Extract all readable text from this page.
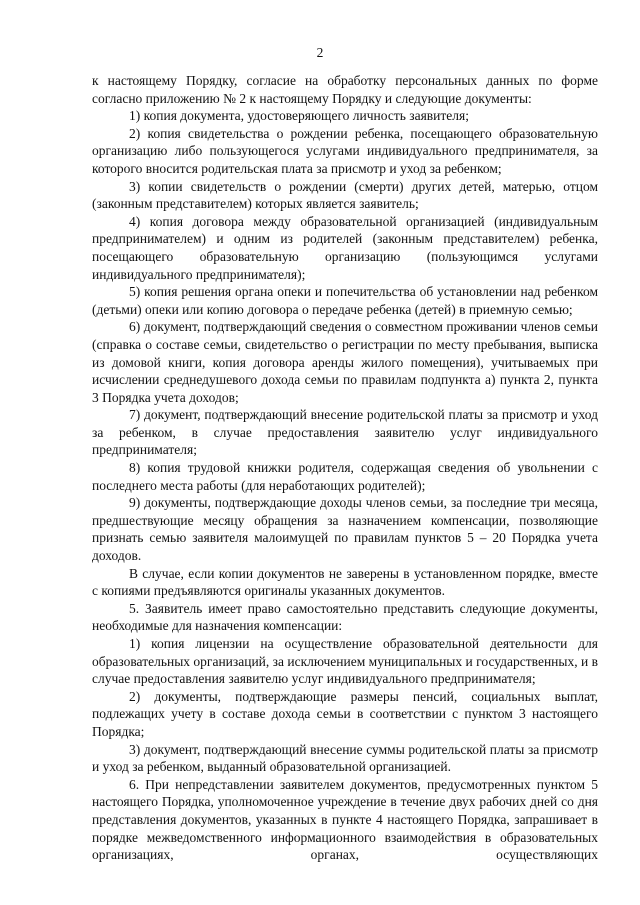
2

к настоящему Порядку, согласие на обработку персональных данных по форме согласно приложению № 2 к настоящему Порядку и следующие документы:

1) копия документа, удостоверяющего личность заявителя;

2) копия свидетельства о рождении ребенка, посещающего образовательную организацию либо пользующегося услугами индивидуального предпринимателя, за которого вносится родительская плата за присмотр и уход за ребенком;

3) копии свидетельств о рождении (смерти) других детей, матерью, отцом (законным представителем) которых является заявитель;

4) копия договора между образовательной организацией (индивидуальным предпринимателем) и одним из родителей (законным представителем) ребенка, посещающего образовательную организацию (пользующимся услугами индивидуального предпринимателя);

5) копия решения органа опеки и попечительства об установлении над ребенком (детьми) опеки или копию договора о передаче ребенка (детей) в приемную семью;

6) документ, подтверждающий сведения о совместном проживании членов семьи (справка о составе семьи, свидетельство о регистрации по месту пребывания, выписка из домовой книги, копия договора аренды жилого помещения), учитываемых при исчислении среднедушевого дохода семьи по правилам подпункта а) пункта 2, пункта 3 Порядка учета доходов;

7) документ, подтверждающий внесение родительской платы за присмотр и уход за ребенком, в случае предоставления заявителю услуг индивидуального предпринимателя;

8) копия трудовой книжки родителя, содержащая сведения об увольнении с последнего места работы (для неработающих родителей);

9) документы, подтверждающие доходы членов семьи, за последние три месяца, предшествующие месяцу обращения за назначением компенсации, позволяющие признать семью заявителя малоимущей по правилам пунктов 5 – 20 Порядка учета доходов.

В случае, если копии документов не заверены в установленном порядке, вместе с копиями предъявляются оригиналы указанных документов.

5. Заявитель имеет право самостоятельно представить следующие документы, необходимые для назначения компенсации:

1) копия лицензии на осуществление образовательной деятельности для образовательных организаций, за исключением муниципальных и государственных, и в случае предоставления заявителю услуг индивидуального предпринимателя;

2) документы, подтверждающие размеры пенсий, социальных выплат, подлежащих учету в составе дохода семьи в соответствии с пунктом 3 настоящего Порядка;

3) документ, подтверждающий внесение суммы родительской платы за присмотр и уход за ребенком, выданный образовательной организацией.

6. При непредставлении заявителем документов, предусмотренных пунктом 5 настоящего Порядка, уполномоченное учреждение в течение двух рабочих дней со дня представления документов, указанных в пункте 4 настоящего Порядка, запрашивает в порядке межведомственного информационного взаимодействия в образовательных организациях, органах, осуществляющих
